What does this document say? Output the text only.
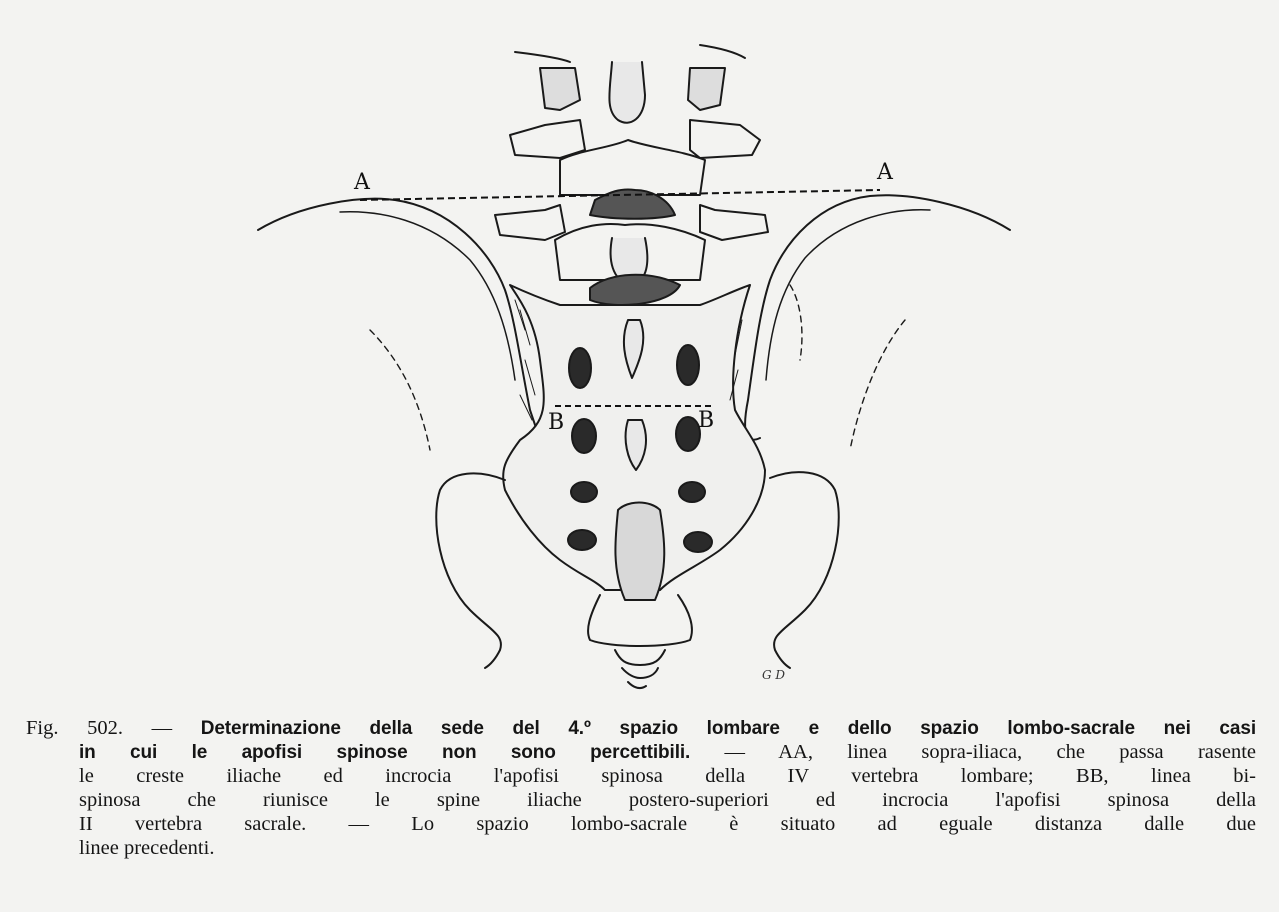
A	A
B	B
G D
Fig. 502. — Determinazione della sede del 4.º spazio lombare e dello spazio lombo-sacrale nei casi
in cui le apofisi spinose non sono percettibili. — AA, linea sopra-iliaca, che passa rasente
le creste iliache ed incrocia l'apofisi spinosa della IV vertebra lombare; BB, linea bi-
spinosa che riunisce le spine iliache postero-superiori ed incrocia l'apofisi spinosa della
II vertebra sacrale. — Lo spazio lombo-sacrale è situato ad eguale distanza dalle due
linee precedenti.
